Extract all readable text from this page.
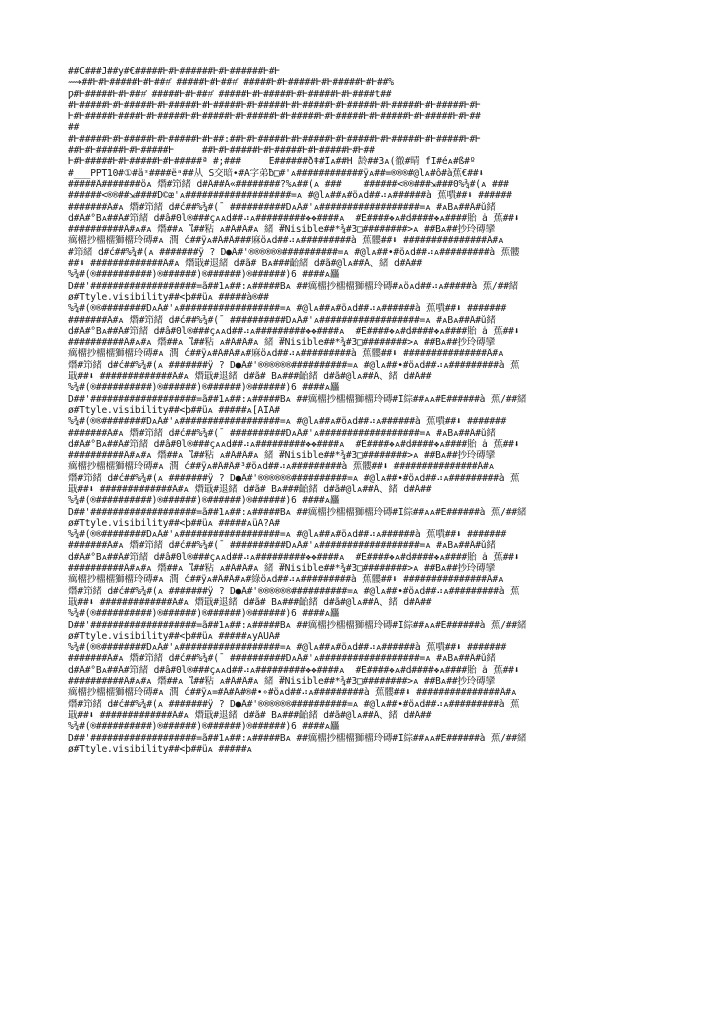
##C###J##y#€#####Ⱶ#Ⱶ######Ⱶ#Ⱶ######Ⱶ#Ⱶ
⟿##Ⱶ#Ⱶ#####Ⱶ#Ⱶ###҅ #####Ⱶ#Ⱶ###҅ #####Ⱶ#Ⱶ#####Ⱶ#Ⱶ#####Ⱶ#Ⱶ##%
Ƿ#Ⱶ#####Ⱶ#Ⱶ###҅ #####Ⱶ#Ⱶ###҅ #####Ⱶ#Ⱶ#####Ⱶ#Ⱶ#####Ⱶ#Ⱶ####t##
#Ⱶ#####Ⱶ#Ⱶ#####Ⱶ#Ⱶ#####Ⱶ#Ⱶ#####Ⱶ#Ⱶ#####Ⱶ#Ⱶ#####Ⱶ#Ⱶ#####Ⱶ#Ⱶ#####Ⱶ#Ⱶ#####Ⱶ#Ⱶ
Ⱶ#Ⱶ#####Ⱶ####Ⱶ#Ⱶ#####Ⱶ#Ⱶ#####Ⱶ#Ⱶ#####Ⱶ#Ⱶ#####Ⱶ#Ⱶ#####Ⱶ#Ⱶ#####Ⱶ#Ⱶ#####Ⱶ#Ⱶ##
##
#Ⱶ#####Ⱶ#Ⱶ#####Ⱶ#Ⱶ#####Ⱶ#Ⱶ##:##Ⱶ#Ⱶ#####Ⱶ#Ⱶ#####Ⱶ#Ⱶ#####Ⱶ#Ⱶ#####Ⱶ#Ⱶ#####Ⱶ#Ⱶ
##Ⱶ#Ⱶ#####Ⱶ#Ⱶ#####Ⱶ     ##Ⱶ#Ⱶ#####Ⱶ#Ⱶ#####Ⱶ#Ⱶ#####Ⱶ#Ⱶ##
Ⱶ#Ⱶ#####Ⱶ#Ⱶ#####Ⱶ#Ⱶ#####ª #;###     Ê######ðǂ#Îᴀ##H 龄##3ᴀ(徹#晴 fĪ#éᴀ#ß#º
#___PPT10#①#äᵌ####ëᵃ##从 S交暗∙#A字弟ƀ□#'ᴀ############ÿᴀ##=®®®#@lᴀ#ô#à蕉€##⬇
#####Â#######öᴀ 熸#笻緒 d#Â##Â«########?%ᴀ##(ᴀ ###    ######<®®###⇲###0%¾#(ᴀ ###
######<®®##⇲####D©æ'ᴀ###################=ᴀ #@lᴀ##ᴀ#öᴀd##⠴ᴀ######à 蕉嘳##⬇ ######
#######Â#ᴀ 熸#笻緒 d#ć##%¾#(¯ ##########DᴀÂ#'ᴀ##################=ᴀ #ᴀBᴀ##Â#ŭ緒
d#Â#°Bᴀ##Â#笻緒 d#â#0l®###çᴀᴀd##⠴ᴀ#########❖❖####ᴀ  #È####❖ᴀ#d####❖ᴀ####貽 ȧ 蕉##⬇
##########Â#ᴀ#ᴀ 熸##ᴀ ใ##粘 ᴀ#Â#Â#ᴀ 緒 ̅#Nisible##*¾#3□########>ᴀ ##Bᴀ##抄玲磚攣
癘橊抄橊橊獅橊玲磚#ᴀ 潤 ć##ÿᴀ#Â#Â###麻öᴀd##⠴ᴀ#########à 蕉髏##⬇ ###############Â#ᴀ
#笻緒 d#ć##%¾#(ᴀ #######ÿ ? D●Â#'®®®®®®##########=ᴀ #@lᴀ##•#öᴀd##⠴ᴀ#########à 蕉髏
##⬇ #############Â#ᴀ 熸戢#退緒 d#ã# Bᴀ###齝緒 d#ã#@lᴀ##Â、緒 d#Â##
%¾#(®##########)®######)®######)®######)6 ####ᴀ麤
D##'###################=ã##1ᴀ##:ᴀ#####Bᴀ ##癘橊抄橊橊獅橊玲磚#ᴀöᴀd##⠴ᴀ#####à 蕉∕##緒
ø#Ttyle.visibility##<þ##üᴀ #####à®##
%¾#(®®########DᴀÂ#'ᴀ##################=ᴀ #@lᴀ##ᴀ#öᴀd##⠴ᴀ######à 蕉嘳##⬇ #######
#######Â#ᴀ 熸#笻緒 d#ć##%¾#(¯ ##########DᴀÂ#'ᴀ##################=ᴀ #ᴀBᴀ##Â#ŭ緒
d#Â#°Bᴀ##Â#笻緒 d#â#0l®###çᴀᴀd##⠴ᴀ#########❖❖####ᴀ  #È####❖ᴀ#d####❖ᴀ####貽 ȧ 蕉##⬇
##########Â#ᴀ#ᴀ 熸##ᴀ ใ##粘 ᴀ#Â#Â#ᴀ 緒 ̅#Nisible##*¾#3□########>ᴀ ##Bᴀ##抄玲磚攣
癘橊抄橊橊獅橊玲磚#ᴀ 潤 ć##ÿᴀ#Â#Â#ᴀ#麻öᴀd##⠴ᴀ#########à 蕉髏##⬇ ###############Â#ᴀ
熸#笻緒 d#ć##%¾#(ᴀ #######ÿ ? D●Â#'®®®®®®##########=ᴀ #@lᴀ##•#öᴀd##⠴ᴀ#########à 蕉
戢##⬇ #############Â#ᴀ 熸戢#退緒 d#ã# Bᴀ###齝緒 d#ã#@lᴀ##Â、緒 d#Â##
%¾#(®##########)®######)®######)®######)6 ####ᴀ麤
D##'###################=ã##1ᴀ##:ᴀ#####Bᴀ ##癘橊抄橊橊獅橊玲磚#Î綜##ᴀᴀ#È######à 蕉∕##緒
ø#Ttyle.visibility##<þ##üᴀ #####ᴀ[ÄÎÃ#
%¾#(®®########DᴀÂ#'ᴀ##################=ᴀ #@lᴀ##ᴀ#öᴀd##⠴ᴀ######à 蕉嘳##⬇ #######
#######Â#ᴀ 熸#笻緒 d#ć##%¾#(¯ ##########DᴀÂ#'ᴀ##################=ᴀ #ᴀBᴀ##Â#ŭ緒
d#Â#°Bᴀ##Â#笻緒 d#â#0l®###çᴀᴀd##⠴ᴀ#########❖❖####ᴀ  #È####❖ᴀ#d####❖ᴀ####貽 ȧ 蕉##⬇
##########Â#ᴀ#ᴀ 熸##ᴀ ใ##粘 ᴀ#Â#Â#ᴀ 緒 ̅#Nisible##*¾#3□########>ᴀ ##Bᴀ##抄玲磚攣
癘橊抄橊橊獅橊玲磚#ᴀ 潤 ć##ÿᴀ#Â#Â#³#öᴀd##⠴ᴀ#########à 蕉髏##⬇ ###############Â#ᴀ
熸#笻緒 d#ć##%¾#(ᴀ #######ÿ ? D●Â#'®®®®®®##########=ᴀ #@lᴀ##•#öᴀd##⠴ᴀ#########à 蕉
戢##⬇ #############Â#ᴀ 熸戢#退緒 d#ã# Bᴀ###齝緒 d#ã#@lᴀ##Â、緒 d#Â##
%¾#(®##########)®######)®######)®######)6 ####ᴀ麤
D##'###################=ã##1ᴀ##:ᴀ#####Bᴀ ##癘橊抄橊橊獅橊玲磚#Î綜##ᴀᴀ#È######à 蕉∕##緒
ø#Ttyle.visibility##<þ##üᴀ #####ᴀüÄ?Ä#
%¾#(®®########DᴀÂ#'ᴀ##################=ᴀ #@lᴀ##ᴀ#öᴀd##⠴ᴀ######à 蕉嘳##⬇ #######
#######Â#ᴀ 熸#笻緒 d#ć##%¾#(¯ ##########DᴀÂ#'ᴀ##################=ᴀ #ᴀBᴀ##Â#ŭ緒
d#Â#°Bᴀ##Â#笻緒 d#â#0l®###çᴀᴀd##⠴ᴀ#########❖❖####ᴀ  #È####❖ᴀ#d####❖ᴀ####貽 ȧ 蕉##⬇
##########Â#ᴀ#ᴀ 熸##ᴀ ใ##粘 ᴀ#Â#Â#ᴀ 緒 ̅#Nisible##*¾#3□########>ᴀ ##Bᴀ##抄玲磚攣
癘橊抄橊橊獅橊玲磚#ᴀ 潤 ć##ÿᴀ#Â#Â#ᴀ#綠öᴀd##⠴ᴀ#########à 蕉髏##⬇ ###############Â#ᴀ
熸#笻緒 d#ć##%¾#(ᴀ #######ÿ ? D●Â#'®®®®®®##########=ᴀ #@lᴀ##•#öᴀd##⠴ᴀ#########à 蕉
戢##⬇ #############Â#ᴀ 熸戢#退緒 d#ã# Bᴀ###齝緒 d#ã#@lᴀ##Â、緒 d#Â##
%¾#(®##########)®######)®######)®######)6 ####ᴀ麤
D##'###################=ã##1ᴀ##:ᴀ#####Bᴀ ##癘橊抄橊橊獅橊玲磚#Î綜##ᴀᴀ#È######à 蕉∕##緒
ø#Ttyle.visibility##<þ##üᴀ #####ᴀyÄÜÃ#
%¾#(®®########DᴀÂ#'ᴀ##################=ᴀ #@lᴀ##ᴀ#öᴀd##⠴ᴀ######à 蕉嘳##⬇ #######
#######Â#ᴀ 熸#笻緒 d#ć##%¾#(¯ ##########DᴀÂ#'ᴀ##################=ᴀ #ᴀBᴀ##Â#ŭ緒
d#Â#°Bᴀ##Â#笻緒 d#â#0l®###çᴀᴀd##⠴ᴀ#########❖❖####ᴀ  #È####❖ᴀ#d####❖ᴀ####貽 ȧ 蕉##⬇
##########Â#ᴀ#ᴀ 熸##ᴀ ใ##粘 ᴀ#Â#Â#ᴀ 緒 ̅#Nisible##*¾#3□########>ᴀ ##Bᴀ##抄玲磚攣
癘橊抄橊橊獅橊玲磚#ᴀ 潤 ć##ÿᴀ=#Â#Â#®#•∘#öᴀd##⠴ᴀ#########à 蕉髏##⬇ ###############Â#ᴀ
熸#笻緒 d#ć##%¾#(ᴀ #######ÿ ? D●Â#'®®®®®®##########=ᴀ #@lᴀ##•#öᴀd##⠴ᴀ#########à 蕉
戢##⬇ #############Â#ᴀ 熸戢#退緒 d#ã# Bᴀ###齝緒 d#ã#@lᴀ##Â、緒 d#Â##
%¾#(®##########)®######)®######)®######)6 ####ᴀ麤
D##'###################=ã##1ᴀ##:ᴀ#####Bᴀ ##癘橊抄橊橊獅橊玲磚#Î綜##ᴀᴀ#È######à 蕉∕##緒
ø#Ttyle.visibility##<þ##üᴀ #####ᴀ
